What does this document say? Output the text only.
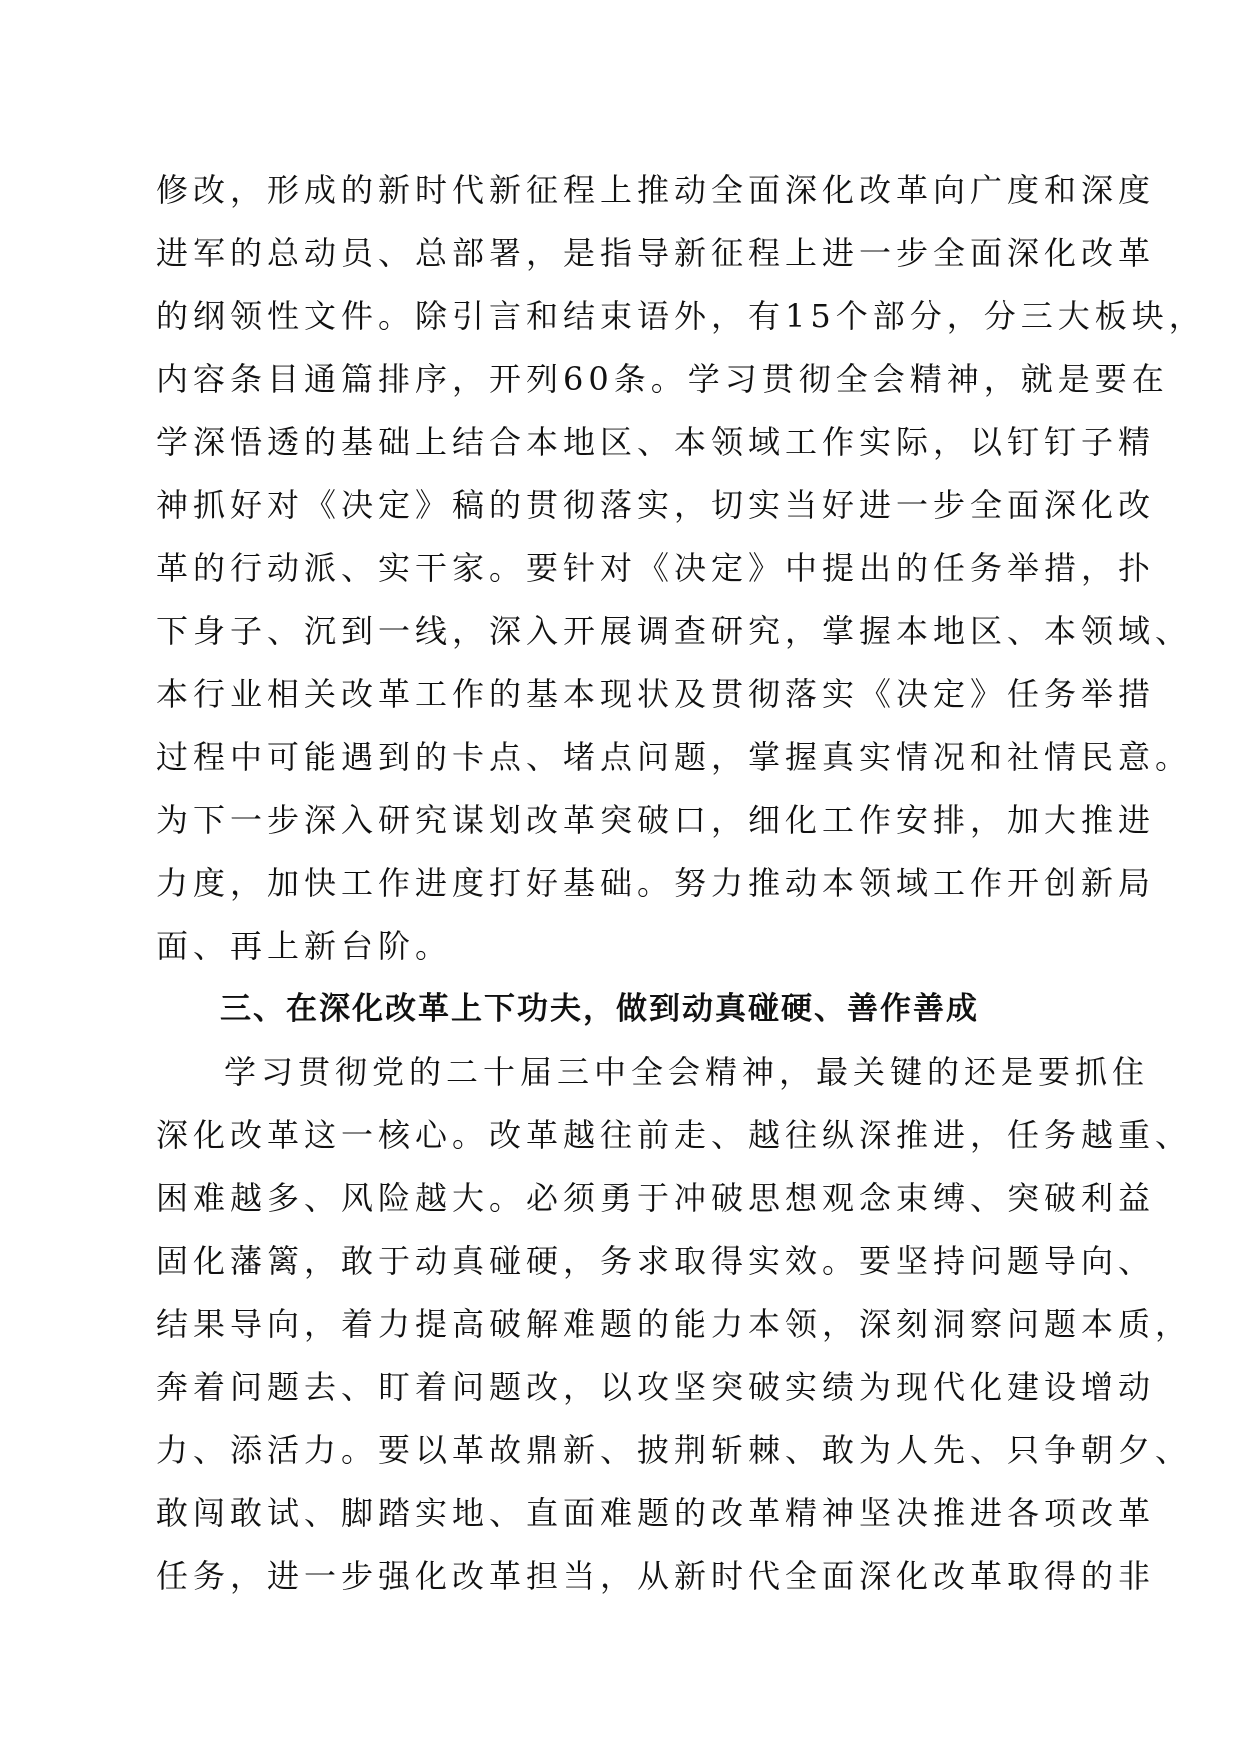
修改，形成的新时代新征程上推动全面深化改革向广度和深度
进军的总动员、总部署，是指导新征程上进一步全面深化改革
的纲领性文件。除引言和结束语外，有15个部分，分三大板块，
内容条目通篇排序，开列60条。学习贯彻全会精神，就是要在
学深悟透的基础上结合本地区、本领域工作实际，以钉钉子精
神抓好对《决定》稿的贯彻落实，切实当好进一步全面深化改
革的行动派、实干家。要针对《决定》中提出的任务举措，扑
下身子、沉到一线，深入开展调查研究，掌握本地区、本领域、
本行业相关改革工作的基本现状及贯彻落实《决定》任务举措
过程中可能遇到的卡点、堵点问题，掌握真实情况和社情民意。
为下一步深入研究谋划改革突破口，细化工作安排，加大推进
力度，加快工作进度打好基础。努力推动本领域工作开创新局
面、再上新台阶。
三、在深化改革上下功夫，做到动真碰硬、善作善成
学习贯彻党的二十届三中全会精神，最关键的还是要抓住
深化改革这一核心。改革越往前走、越往纵深推进，任务越重、
困难越多、风险越大。必须勇于冲破思想观念束缚、突破利益
固化藩篱，敢于动真碰硬，务求取得实效。要坚持问题导向、
结果导向，着力提高破解难题的能力本领，深刻洞察问题本质，
奔着问题去、盯着问题改，以攻坚突破实绩为现代化建设增动
力、添活力。要以革故鼎新、披荆斩棘、敢为人先、只争朝夕、
敢闯敢试、脚踏实地、直面难题的改革精神坚决推进各项改革
任务，进一步强化改革担当，从新时代全面深化改革取得的非
